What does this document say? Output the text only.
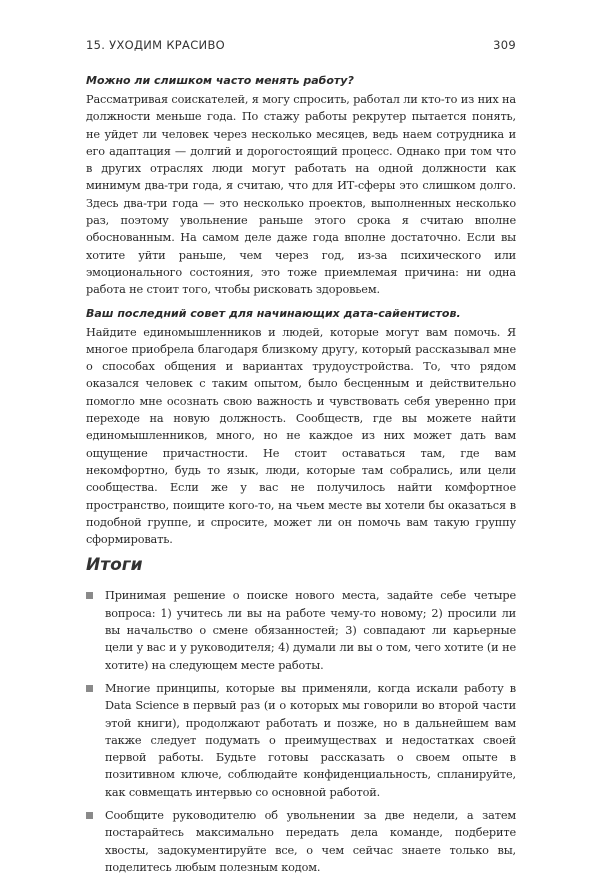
15. УХОДИМ КРАСИВО	309

Можно ли слишком часто менять работу?

Рассматривая соискателей, я могу спросить, работал ли кто-то из них на должности меньше года. По стажу работы рекрутер пытается понять, не уйдет ли человек через несколько месяцев, ведь наем сотрудника и его адаптация — долгий и дорогостоящий процесс. Однако при том что в других отраслях люди могут работать на одной должности как минимум два-три года, я считаю, что для ИТ-сферы это слишком долго. Здесь два-три года — это несколько проектов, выполненных несколько раз, поэтому увольнение раньше этого срока я считаю вполне обоснованным. На самом деле даже года вполне достаточно. Если вы хотите уйти раньше, чем через год, из-за психического или эмоционального состояния, это тоже приемлемая причина: ни одна работа не стоит того, чтобы рисковать здоровьем.

Ваш последний совет для начинающих дата-сайентистов.

Найдите единомышленников и людей, которые могут вам помочь. Я многое приобрела благодаря близкому другу, который рассказывал мне о способах общения и вариантах трудоустройства. То, что рядом оказался человек с таким опытом, было бесценным и действительно помогло мне осознать свою важность и чувствовать себя уверенно при переходе на новую должность. Сообществ, где вы можете найти единомышленников, много, но не каждое из них может дать вам ощущение причастности. Не стоит оставаться там, где вам некомфортно, будь то язык, люди, которые там собрались, или цели сообщества. Если же у вас не получилось найти комфортное пространство, поищите кого-то, на чьем месте вы хотели бы оказаться в подобной группе, и спросите, может ли он помочь вам такую группу сформировать.

Итоги
Принимая решение о поиске нового места, задайте себе четыре вопроса: 1) учитесь ли вы на работе чему-то новому; 2) просили ли вы начальство о смене обязанностей; 3) совпадают ли карьерные цели у вас и у руководителя; 4) думали ли вы о том, чего хотите (и не хотите) на следующем месте работы.
Многие принципы, которые вы применяли, когда искали работу в Data Science в первый раз (и о которых мы говорили во второй части этой книги), продолжают работать и позже, но в дальнейшем вам также следует подумать о преимуществах и недостатках своей первой работы. Будьте готовы рассказать о своем опыте в позитивном ключе, соблюдайте конфиденциальность, спланируйте, как совмещать интервью со основной работой.
Сообщите руководителю об увольнении за две недели, а затем постарайтесь максимально передать дела команде, подберите хвосты, задокументируйте все, о чем сейчас знаете только вы, поделитесь любым полезным кодом.
